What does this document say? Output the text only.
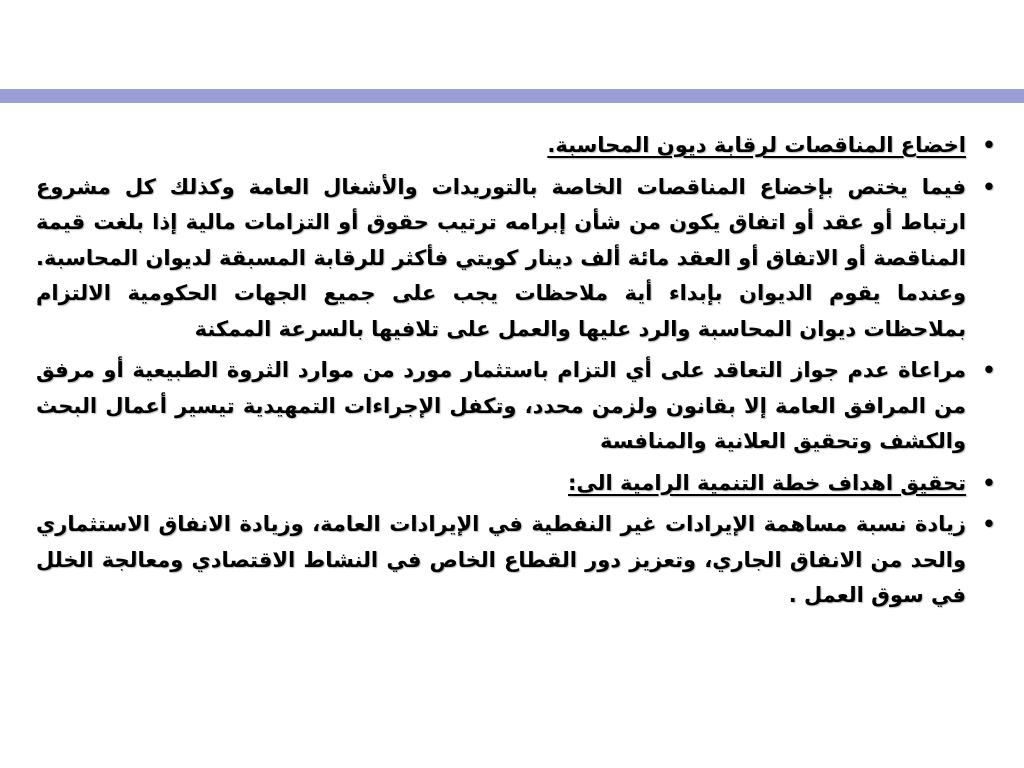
•
اخضاع المناقصات لرقابة ديون المحاسبة.
•
فيما يختص بإخضاع المناقصات الخاصة بالتوريدات والأشغال العامة وكذلك كل مشروع ارتباط أو عقد أو اتفاق يكون من شأن إبرامه ترتيب حقوق أو التزامات مالية إذا بلغت قيمة المناقصة أو الاتفاق أو العقد مائة ألف دينار كويتي فأكثر للرقابة المسبقة لديوان المحاسبة. وعندما يقوم الديوان بإبداء أية ملاحظات يجب على جميع الجهات الحكومية الالتزام بملاحظات ديوان المحاسبة والرد عليها والعمل على تلافيها بالسرعة الممكنة
•
مراعاة عدم جواز التعاقد على أي التزام باستثمار مورد من موارد الثروة الطبيعية أو مرفق من المرافق العامة إلا بقانون ولزمن محدد، وتكفل الإجراءات التمهيدية تيسير أعمال البحث والكشف وتحقيق العلانية والمنافسة
•
تحقيق اهداف خطة التنمية الرامية الى:
•
زيادة نسبة مساهمة الإيرادات غير النفطية في الإيرادات العامة، وزيادة الانفاق الاستثماري والحد من الانفاق الجاري، وتعزيز دور القطاع الخاص في النشاط الاقتصادي ومعالجة الخلل في سوق العمل .
